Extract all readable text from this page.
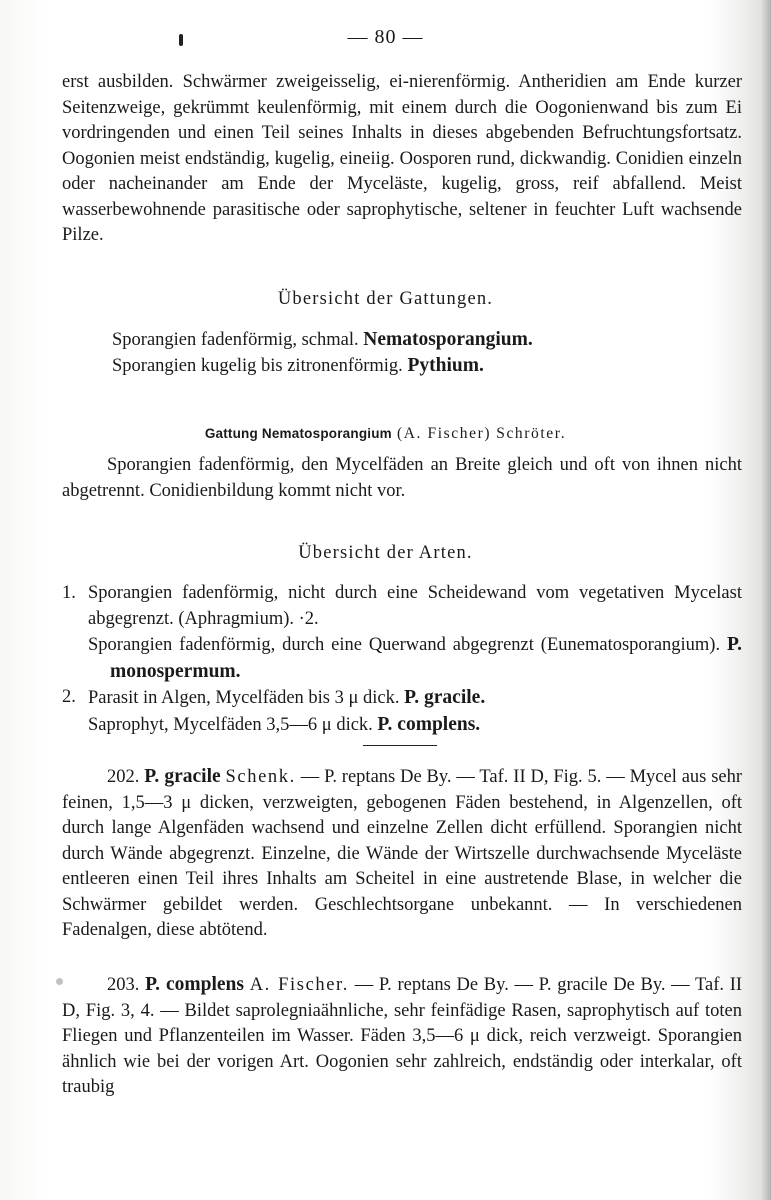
— 80 —

erst ausbilden. Schwärmer zweigeisselig, ei-nierenförmig. Antheridien am Ende kurzer Seitenzweige, gekrümmt keulenförmig, mit einem durch die Oogonienwand bis zum Ei vordringenden und einen Teil seines Inhalts in dieses abgebenden Befruchtungsfortsatz. Oogonien meist endständig, kugelig, eineiig. Oosporen rund, dickwandig. Conidien einzeln oder nacheinander am Ende der Myceläste, kugelig, gross, reif abfallend. Meist wasserbewohnende parasitische oder saprophytische, seltener in feuchter Luft wachsende Pilze.

Übersicht der Gattungen.
Sporangien fadenförmig, schmal. Nematosporangium.
Sporangien kugelig bis zitronenförmig. Pythium.
Gattung Nematosporangium (A. Fischer) Schröter.

Sporangien fadenförmig, den Mycelfäden an Breite gleich und oft von ihnen nicht abgetrennt. Conidienbildung kommt nicht vor.

Übersicht der Arten.
1. Sporangien fadenförmig, nicht durch eine Scheidewand vom vegetativen Mycelast abgegrenzt. (Aphragmium). ·2.
Sporangien fadenförmig, durch eine Querwand abgegrenzt (Eunematosporangium). P. monospermum.
2. Parasit in Algen, Mycelfäden bis 3 μ dick. P. gracile.
Saprophyt, Mycelfäden 3,5—6 μ dick. P. complens.

202. P. gracile Schenk. — P. reptans De By. — Taf. II D, Fig. 5. — Mycel aus sehr feinen, 1,5—3 μ dicken, verzweigten, gebogenen Fäden bestehend, in Algenzellen, oft durch lange Algenfäden wachsend und einzelne Zellen dicht erfüllend. Sporangien nicht durch Wände abgegrenzt. Einzelne, die Wände der Wirtszelle durchwachsende Myceläste entleeren einen Teil ihres Inhalts am Scheitel in eine austretende Blase, in welcher die Schwärmer gebildet werden. Geschlechtsorgane unbekannt. — In verschiedenen Fadenalgen, diese abtötend.

203. P. complens A. Fischer. — P. reptans De By. — P. gracile De By. — Taf. II D, Fig. 3, 4. — Bildet saprolegniaähnliche, sehr feinfädige Rasen, saprophytisch auf toten Fliegen und Pflanzenteilen im Wasser. Fäden 3,5—6 μ dick, reich verzweigt. Sporangien ähnlich wie bei der vorigen Art. Oogonien sehr zahlreich, endständig oder interkalar, oft traubig
